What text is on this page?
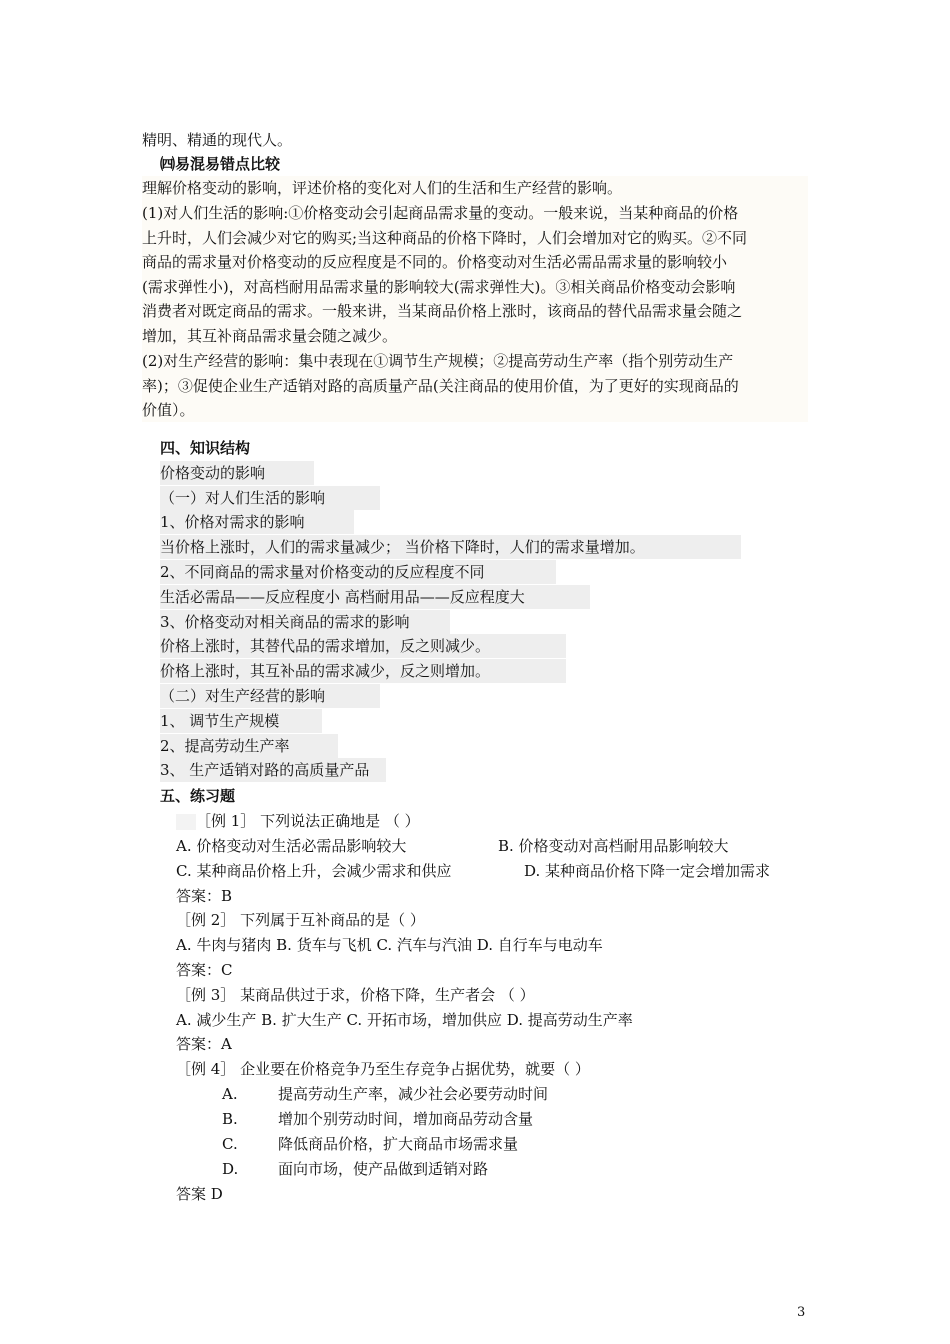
精明、精通的现代人。
㈣易混易错点比较
理解价格变动的影响，评述价格的变化对人们的生活和生产经营的影响。
(1)对人们生活的影响:①价格变动会引起商品需求量的变动。一般来说，当某种商品的价格
上升时，人们会减少对它的购买;当这种商品的价格下降时，人们会增加对它的购买。②不同
商品的需求量对价格变动的反应程度是不同的。价格变动对生活必需品需求量的影响较小
(需求弹性小)，对高档耐用品需求量的影响较大(需求弹性大)。③相关商品价格变动会影响
消费者对既定商品的需求。一般来讲，当某商品价格上涨时，该商品的替代品需求量会随之
增加，其互补商品需求量会随之减少。
(2)对生产经营的影响：集中表现在①调节生产规模；②提高劳动生产率（指个别劳动生产
率)；③促使企业生产适销对路的高质量产品(关注商品的使用价值，为了更好的实现商品的
价值）。
四、知识结构
价格变动的影响
（一）对人们生活的影响
1、价格对需求的影响
当价格上涨时，人们的需求量减少； 当价格下降时，人们的需求量增加。
2、不同商品的需求量对价格变动的反应程度不同
生活必需品——反应程度小 高档耐用品——反应程度大
3、价格变动对相关商品的需求的影响
价格上涨时，其替代品的需求增加，反之则减少。
价格上涨时，其互补品的需求减少，反之则增加。
（二）对生产经营的影响
1、 调节生产规模
2、提高劳动生产率
3、 生产适销对路的高质量产品
五、练习题
［例 1］ 下列说法正确地是 （ ）
A. 价格变动对生活必需品影响较大	B. 价格变动对高档耐用品影响较大
C. 某种商品价格上升，会减少需求和供应	D. 某种商品价格下降一定会增加需求
答案：B
［例 2］ 下列属于互补商品的是（ ）
A. 牛肉与猪肉 B. 货车与飞机 C. 汽车与汽油 D. 自行车与电动车
答案：C
［例 3］ 某商品供过于求，价格下降，生产者会 （ ）
A. 减少生产 B. 扩大生产 C. 开拓市场，增加供应 D. 提高劳动生产率
答案：A
［例 4］ 企业要在价格竞争乃至生存竞争占据优势，就要（ ）
A.	提高劳动生产率，减少社会必要劳动时间
B.	增加个别劳动时间，增加商品劳动含量
C.	降低商品价格，扩大商品市场需求量
D.	面向市场，使产品做到适销对路
答案 D
3
